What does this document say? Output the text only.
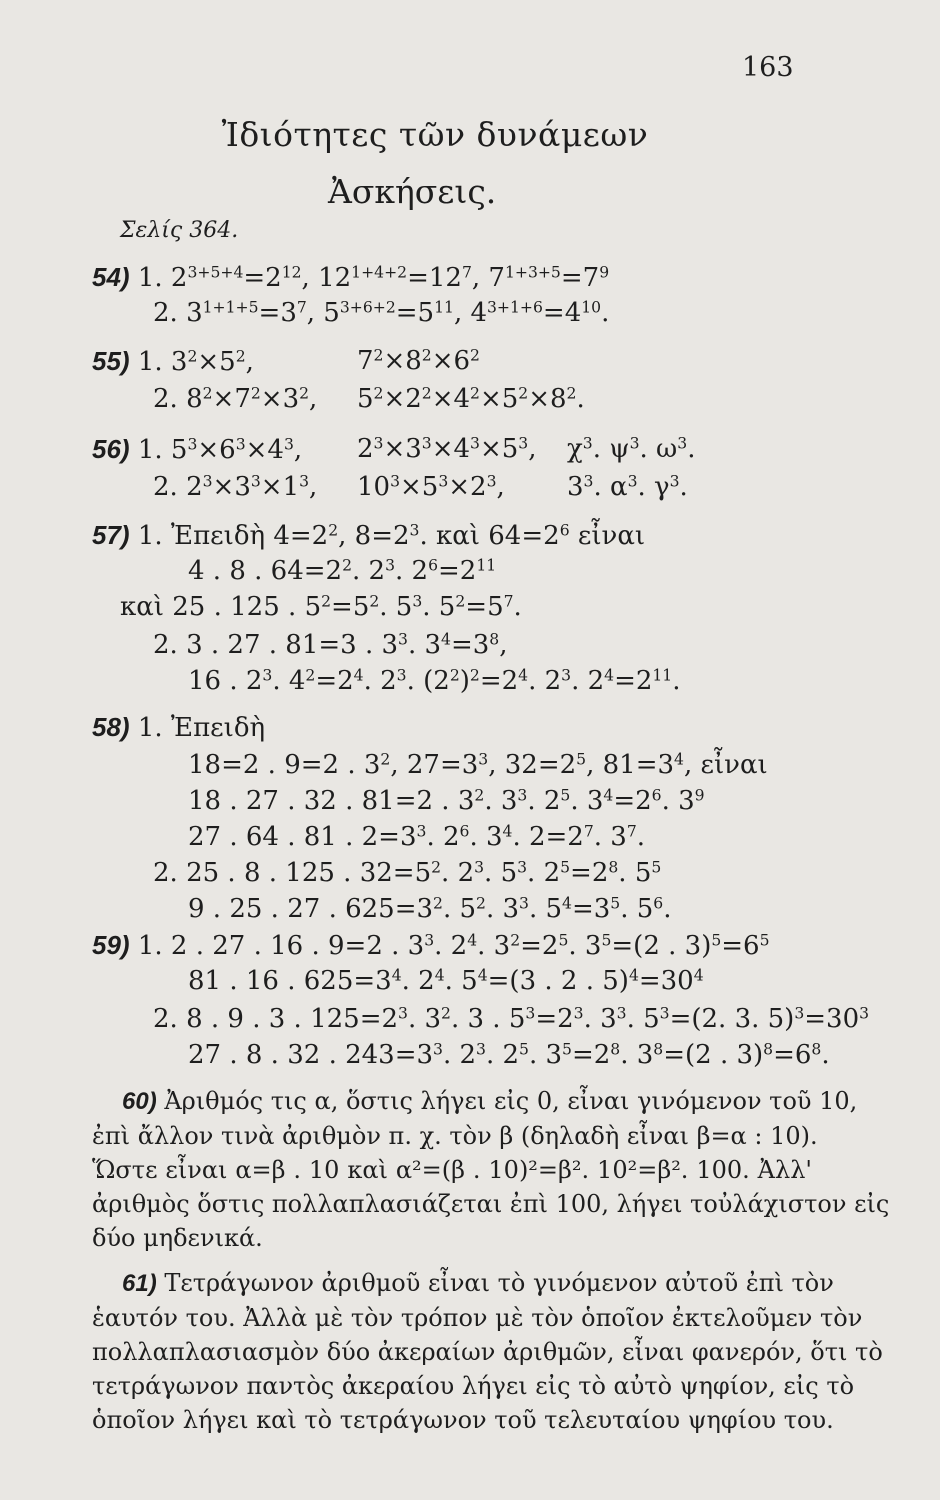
163
Ἰδιότητες τῶν δυνάμεων
Ἀσκήσεις.
Σελίς 364.
54) 1. $2^{3+5+4}=2^{12}$, $12^{1+4+2}=12^7$, $7^{1+3+5}=7^9$
2. $3^{1+1+5}=3^7$, $5^{3+6+2}=5^{11}$, $4^{3+1+6}=4^{10}$.
55) 1. $3^2\times 5^2$,	$7^2\times 8^2\times 6^2$
2. $8^2\times 7^2\times 3^2$, $5^2\times 2^2\times 4^2\times 5^2\times 8^2$.
56) 1. $5^3\times 6^3\times 4^3$, $2^3\times 3^3\times 4^3\times 5^3$, $\chi^3$. $\psi^3$. $\omega^3$.
2. $2^3\times 3^3\times 1^3$, $10^3\times 5^3\times 2^3$, $3^3$. $\alpha^3$. $\gamma^3$.
57) 1. Ἐπειδὴ $4=2^2$, $8=2^3$. καὶ $64=2^6$ εἶναι
4 . 8 . $64=2^2$. $2^3$. $2^6=2^{11}$
καὶ 25 . 125 . $5^2=5^2$. $5^3$. $5^2=5^7$.
2. 3 . 27 . 81=3 . $3^3$. $3^4=3^8$,
16 . $2^3$. $4^2=2^4$. $2^3$. $(2^2)^2=2^4$. $2^3$. $2^4=2^{11}$.
58) 1. Ἐπειδὴ
18=2 . 9=2 . $3^2$, $27=3^3$, $32=2^5$, $81=3^4$, εἶναι
18 . 27 . 32 . 81=2 . $3^2$. $3^3$. $2^5$. $3^4=2^6$. $3^9$
27 . 64 . 81 . $2=3^3$. $2^6$. $3^4$. $2=2^7$. $3^7$.
2. 25 . 8 . 125 . $32=5^2$. $2^3$. $5^3$. $2^5=2^8$. $5^5$
9 . 25 . 27 . $625=3^2$. $5^2$. $3^3$. $5^4=3^5$. $5^6$.
59) 1. 2 . 27 . 16 . 9=2 . $3^3$. $2^4$. $3^2=2^5$. $3^5=(2$ . $3)^5=6^5$
81 . 16 . $625=3^4$. $2^4$. $5^4=(3$ . 2 . $5)^4=30^4$
2. 8 . 9 . 3 . $125=2^3$. $3^2$. 3 . $5^3=2^3$. $3^3$. $5^3=(2$. 3. $5)^3=30^3$
27 . 8 . 32 . $243=3^3$. $2^3$. $2^5$. $3^5=2^8$. $3^8=(2$ . $3)^8=6^8$.
60) Ἀριθμός τις α, ὅστις λήγει εἰς 0, εἶναι γινόμενον τοῦ 10,
ἐπὶ ἄλλον τινὰ ἀριθμὸν π. χ. τὸν β (δηλαδὴ εἶναι β=α : 10).
Ὥστε εἶναι α=β . 10 καὶ α²=(β . 10)²=β². 10²=β². 100. Ἀλλ'
ἀριθμὸς ὅστις πολλαπλασιάζεται ἐπὶ 100, λήγει τοὐλάχιστον εἰς
δύο μηδενικά.
61) Τετράγωνον ἀριθμοῦ εἶναι τὸ γινόμενον αὐτοῦ ἐπὶ τὸν
ἑαυτόν του. Ἀλλὰ μὲ τὸν τρόπον μὲ τὸν ὁποῖον ἐκτελοῦμεν τὸν
πολλαπλασιασμὸν δύο ἀκεραίων ἀριθμῶν, εἶναι φανερόν, ὅτι τὸ
τετράγωνον παντὸς ἀκεραίου λήγει εἰς τὸ αὐτὸ ψηφίον, εἰς τὸ
ὁποῖον λήγει καὶ τὸ τετράγωνον τοῦ τελευταίου ψηφίου του.
